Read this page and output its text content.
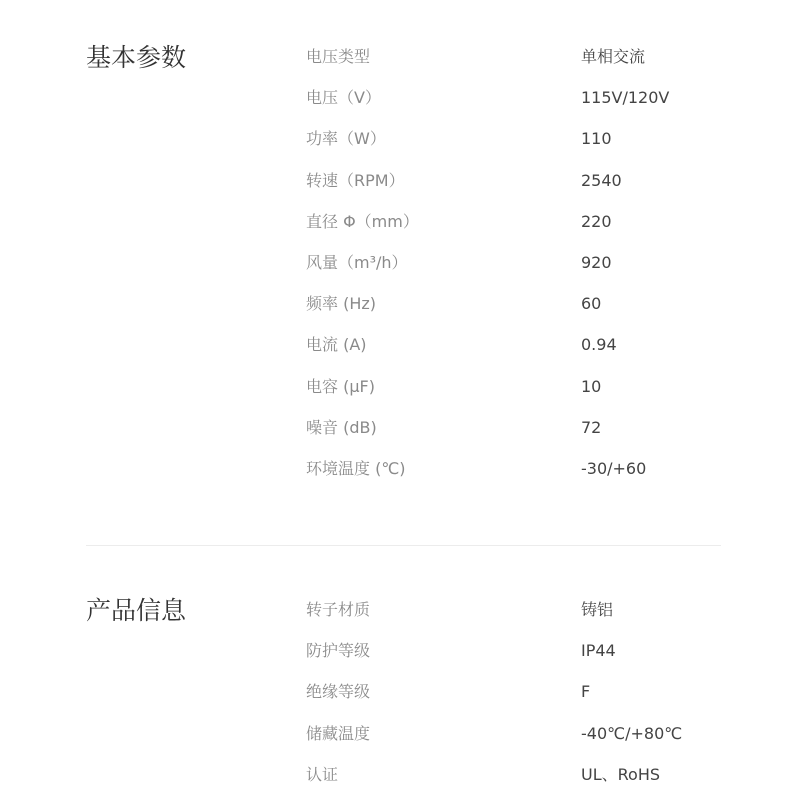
基本参数	电压类型	单相交流
电压（V）	115V/120V
功率（W）	110
转速（RPM）	2540
直径 Φ（mm）	220
风量（m³/h）	920
频率 (Hz)	60
电流 (A)	0.94
电容 (μF)	10
噪音 (dB)	72
环境温度 (℃)	-30/+60
产品信息	转子材质	铸铝
防护等级	IP44
绝缘等级	F
储藏温度	-40℃/+80℃
认证	UL、RoHS
